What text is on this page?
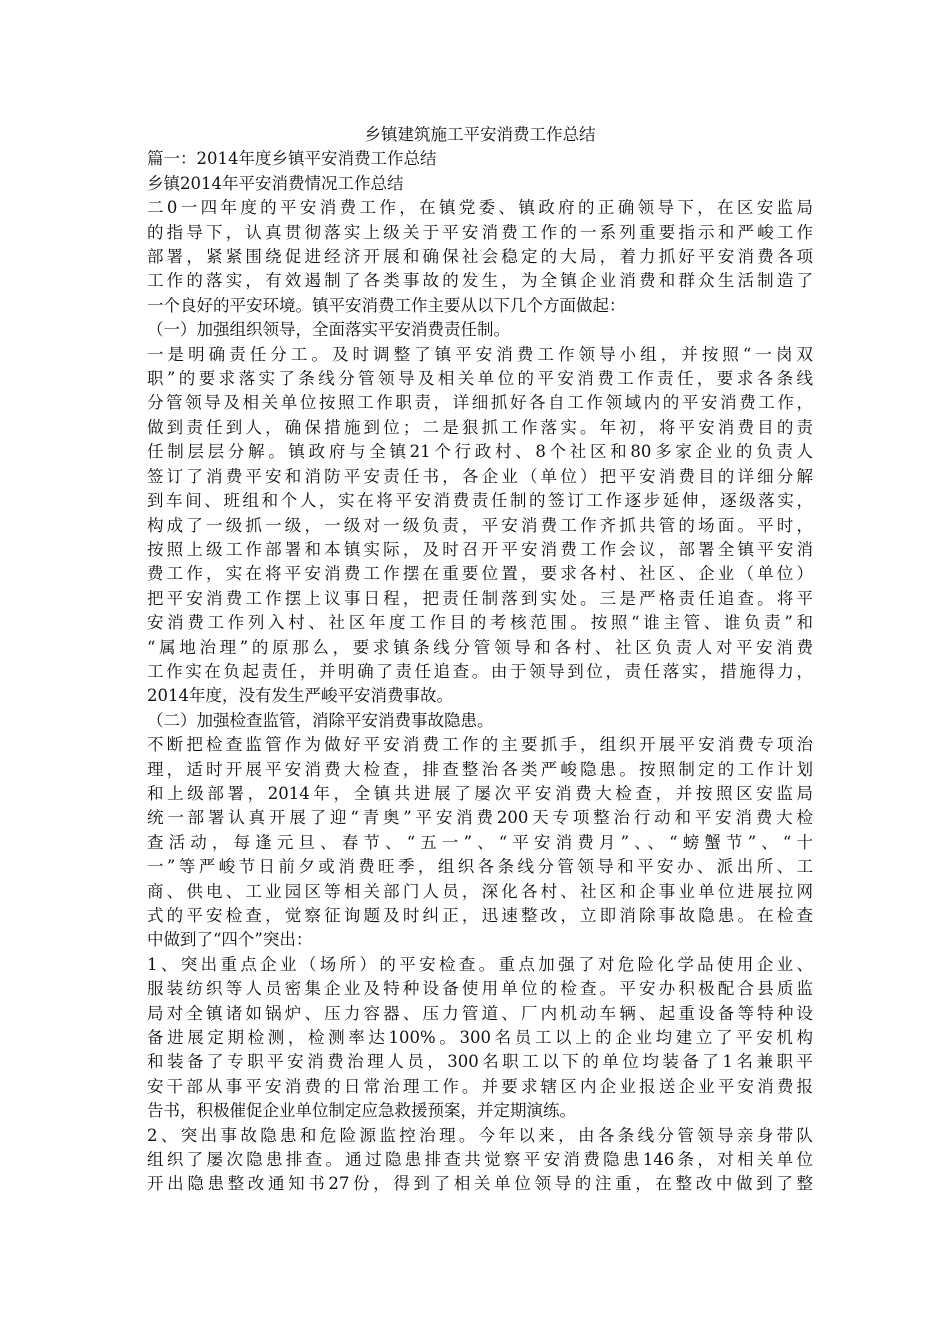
乡镇建筑施工平安消费工作总结

篇一：2014年度乡镇平安消费工作总结

乡镇2014年平安消费情况工作总结

二0一四年度的平安消费工作，在镇党委、镇政府的正确领导下，在区安监局

的指导下，认真贯彻落实上级关于平安消费工作的一系列重要指示和严峻工作

部署，紧紧围绕促进经济开展和确保社会稳定的大局，着力抓好平安消费各项

工作的落实，有效遏制了各类事故的发生，为全镇企业消费和群众生活制造了

一个良好的平安环境。镇平安消费工作主要从以下几个方面做起：

（一）加强组织领导，全面落实平安消费责任制。

一是明确责任分工。及时调整了镇平安消费工作领导小组，并按照“一岗双

职”的要求落实了条线分管领导及相关单位的平安消费工作责任，要求各条线

分管领导及相关单位按照工作职责，详细抓好各自工作领域内的平安消费工作，

做到责任到人，确保措施到位；二是狠抓工作落实。年初，将平安消费目的责

任制层层分解。镇政府与全镇21个行政村、8个社区和80多家企业的负责人

签订了消费平安和消防平安责任书，各企业（单位）把平安消费目的详细分解

到车间、班组和个人，实在将平安消费责任制的签订工作逐步延伸，逐级落实，

构成了一级抓一级，一级对一级负责，平安消费工作齐抓共管的场面。平时，

按照上级工作部署和本镇实际，及时召开平安消费工作会议，部署全镇平安消

费工作，实在将平安消费工作摆在重要位置，要求各村、社区、企业（单位）

把平安消费工作摆上议事日程，把责任制落到实处。三是严格责任追查。将平

安消费工作列入村、社区年度工作目的考核范围。按照“谁主管、谁负责”和

“属地治理”的原那么，要求镇条线分管领导和各村、社区负责人对平安消费

工作实在负起责任，并明确了责任追查。由于领导到位，责任落实，措施得力，

2014年度，没有发生严峻平安消费事故。

（二）加强检查监管，消除平安消费事故隐患。

不断把检查监管作为做好平安消费工作的主要抓手，组织开展平安消费专项治

理，适时开展平安消费大检查，排查整治各类严峻隐患。按照制定的工作计划

和上级部署，2014年，全镇共进展了屡次平安消费大检查，并按照区安监局

统一部署认真开展了迎“青奥”平安消费200天专项整治行动和平安消费大检

查活动，每逢元旦、春节、“五一”、“平安消费月”、、“螃蟹节”、“十

一”等严峻节日前夕或消费旺季，组织各条线分管领导和平安办、派出所、工

商、供电、工业园区等相关部门人员，深化各村、社区和企事业单位进展拉网

式的平安检查，觉察征询题及时纠正，迅速整改，立即消除事故隐患。在检查

中做到了“四个”突出：

1、突出重点企业（场所）的平安检查。重点加强了对危险化学品使用企业、

服装纺织等人员密集企业及特种设备使用单位的检查。平安办积极配合县质监

局对全镇诸如锅炉、压力容器、压力管道、厂内机动车辆、起重设备等特种设

备进展定期检测，检测率达100%。300名员工以上的企业均建立了平安机构

和装备了专职平安消费治理人员，300名职工以下的单位均装备了1名兼职平

安干部从事平安消费的日常治理工作。并要求辖区内企业报送企业平安消费报

告书，积极催促企业单位制定应急救援预案，并定期演练。

2、突出事故隐患和危险源监控治理。今年以来，由各条线分管领导亲身带队

组织了屡次隐患排查。通过隐患排查共觉察平安消费隐患146条，对相关单位

开出隐患整改通知书27份，得到了相关单位领导的注重，在整改中做到了整
